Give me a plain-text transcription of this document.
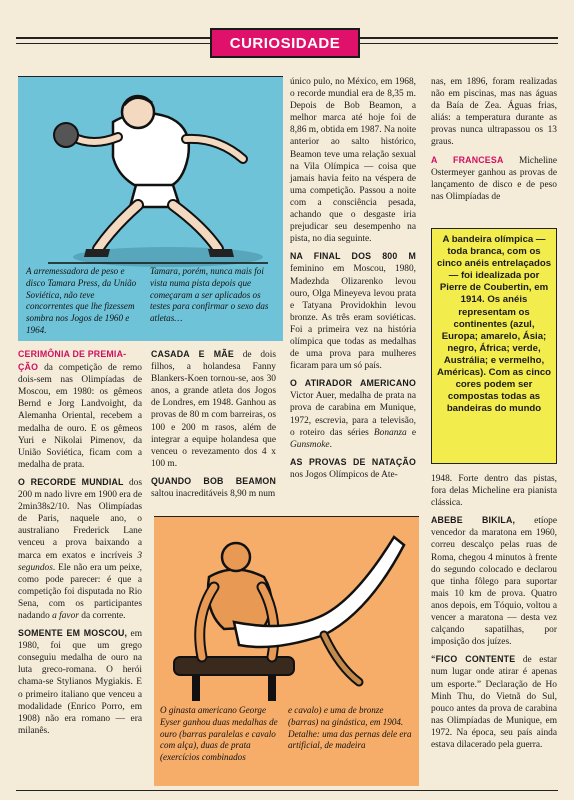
CURIOSIDADE
A arremessadora de peso e disco Tamara Press, da União Soviética, não teve concorrentes que lhe fizessem sombra nos Jogos de 1960 e 1964.
Tamara, porém, nunca mais foi vista numa pista depois que começaram a ser aplicados os testes para confirmar o sexo das atletas…

CERIMÔNIA DE PREMIA-
ÇÃO da competição de remo dois-sem nas Olimpíadas de Moscou, em 1980: os gêmeos Bernd e Jorg Landvoight, da Alemanha Oriental, recebem a medalha de ouro. E os gêmeos Yuri e Nikolai Pimenov, da União Soviética, ficam com a medalha de prata.

O RECORDE MUNDIAL dos 200 m nado livre em 1900 era de 2min38s2/10. Nas Olimpíadas de Paris, naquele ano, o australiano Frederick Lane venceu a prova baixando a marca em exatos e incríveis 3 segundos. Ele não era um peixe, como pode parecer: é que a competição foi disputada no Rio Sena, com os participantes nadando a favor da corrente.

SOMENTE EM MOSCOU, em 1980, foi que um grego conseguiu medalha de ouro na luta greco-romana. O herói chama-se Stylianos Mygiakis. E o primeiro italiano que venceu a modalidade (Enrico Porro, em 1908) não era romano — era milanês.

CASADA E MÃE de dois filhos, a holandesa Fanny Blankers-Koen tornou-se, aos 30 anos, a grande atleta dos Jogos de Londres, em 1948. Ganhou as provas de 80 m com barreiras, os 100 e 200 m rasos, além de integrar a equipe holandesa que venceu o revezamento dos 4 x 100 m.

QUANDO BOB BEAMON saltou inacreditáveis 8,90 m num

único pulo, no México, em 1968, o recorde mundial era de 8,35 m. Depois de Bob Beamon, a melhor marca até hoje foi de 8,86 m, obtida em 1987. Na noite anterior ao salto histórico, Beamon teve uma relação sexual na Vila Olímpica — coisa que jamais havia feito na véspera de uma competição. Passou a noite com a consciência pesada, achando que o desgaste iria prejudicar seu desempenho na pista, no dia seguinte.

NA FINAL DOS 800 M feminino em Moscou, 1980, Madezhda Olizarenko levou ouro, Olga Mineyeva levou prata e Tatyana Providokhin levou bronze. As três eram soviéticas. Foi a primeira vez na história olímpica que todas as medalhas de uma prova para mulheres ficaram para um só país.

O ATIRADOR AMERICANO Victor Auer, medalha de prata na prova de carabina em Munique, 1972, escrevia, para a televisão, o roteiro das séries Bonanza e Gunsmoke.

AS PROVAS DE NATAÇÃO nos Jogos Olímpicos de Ate-

nas, em 1896, foram realizadas não em piscinas, mas nas águas da Baía de Zea. Águas frias, aliás: a temperatura durante as provas nunca ultrapassou os 13 graus.

A FRANCESA Micheline Ostermeyer ganhou as provas de lançamento de disco e de peso nas Olimpíadas de

A bandeira olímpica — toda branca, com os cinco anéis entrelaçados — foi idealizada por Pierre de Coubertin, em 1914. Os anéis representam os continentes (azul, Europa; amarelo, Ásia; negro, África; verde, Austrália; e vermelho, Américas). Com as cinco cores podem ser compostas todas as bandeiras do mundo

1948. Forte dentro das pistas, fora delas Micheline era pianista clássica.

ABEBE BIKILA, etíope vencedor da maratona em 1960, correu descalço pelas ruas de Roma, chegou 4 minutos à frente do segundo colocado e declarou que tinha fôlego para suportar mais 10 km de prova. Quatro anos depois, em Tóquio, voltou a vencer a maratona — desta vez calçando sapatilhas, por imposição dos juízes.

“FICO CONTENTE de estar num lugar onde atirar é apenas um esporte.” Declaração de Ho Minh Thu, do Vietnã do Sul, pouco antes da prova de carabina nas Olimpíadas de Munique, em 1972. Na época, seu país ainda estava dilacerado pela guerra.

O ginasta americano George Eyser ganhou duas medalhas de ouro (barras paralelas e cavalo com alça), duas de prata (exercícios combinados
e cavalo) e uma de bronze (barras) na ginástica, em 1904. Detalhe: uma das pernas dele era artificial, de madeira
